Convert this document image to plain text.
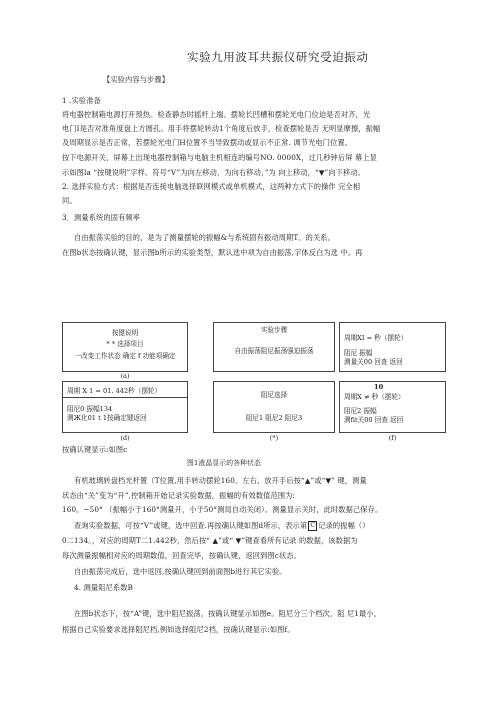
实验九用波耳共振仪研究受迫振动
【实验内容与步骤】
1 .实验准备
将电器控制箱电源打开预热。检查静态时摇杆上端、摆轮长凹槽和摆轮光电门位迫是否对齐，光
电门I是否对准角度盘上方圆孔。用手将摆轮转动1个角度后放手，检查摆轮是否 无明显摩擦，振幅
及周期显示是否正常，若摆轮光电门H位置不当导致摆动或显示不正常. 调节光电门位置。
按下电源开关，屏幕上出现电器控制箱与电脑主机相连的编号NO. 0000X，过几秒钟后屏 幕上显
示如图la “按键说明”字样。符号“V”为向左移动，为向右移动，”为 向上移动，“▼”向下移动。
2. 选择实验方式：根据是否连接电脑选择联网模式或单机模式，这两种方式下的操作 完全相
同。
3．测量系统的固有频率
自由振荡实验的目的，是为了测量摆轮的振幅&与系统固有振动周期T。的关系。
在图b状态按确认键，显示图b所示的实验类型，默认选中项为自由振荡,字体反白为选 中。再
按键说明
* * 选择项目
一改变工作状态 确定 f 功能项确定
(a)
实验步骤
自由振荡阻尼振荡强迫振荡
周期XI = 秒（摆轮）
阻尼 振幅
测量关00 回查 返回
周期 X 1 = 01. 442秒（摆轮）
阻尼0 振幅134
测Ж化01 t 1按确定键返回
(d)
阻尼选择
阻尼1 阻尼2 阻尼3
(*)
10
周期X ≠ 秒（摆轮）
阻尼2 振幅
测fit关00 回查 返回
(f)
按确认键显示:如图c
图1液晶显示的各种状态
有机玻璃转盘档光杆置（T位置,用手转动摆轮160。左右，放开手后按“▲”或“▼” 键，测量
状态由“关”变为“开”,控制箱开始记录实验数据，振幅的有效数值范围为:
160。~50° （振幅小于160°测量开，小于50°测局自动关闭）。测量显示关时，此时数据己保存。
查询实验数据，可按“V”或键，选中回查.再按确认键如图d所示，表示第 C 记录的振幅（）
0二134。，对应的周期T二1.442秒，然后按“ ▲”或“ ▼”键查看所有记录 的数据，该数据为
每次测量振幅相对应的周期数值，回查完毕，按确认键，返回到图c状态。
自由振荡完成后，选中返回,按确认键回到前面图b进行其它实验。
4. 测量阻尼系数B
在图b状态下，按“A”键，选中阻尼振荡，按确认键显示如图e。阻尼分三个档次，阻 尼1最小，
根据自己实验要求选择阻尼档,例如选择阻尼2档，按确认键显示:如图f。
